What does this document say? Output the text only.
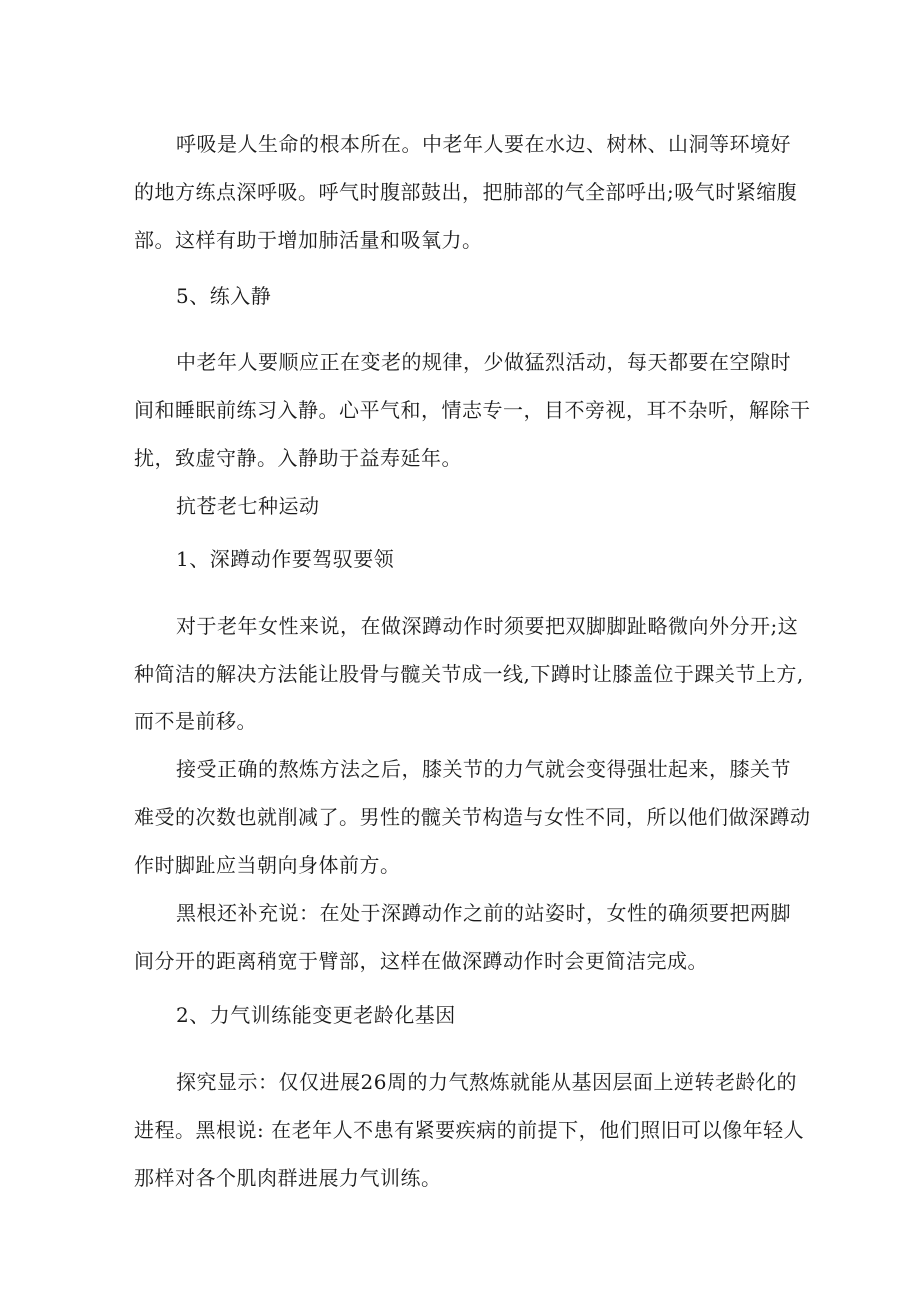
呼吸是人生命的根本所在。中老年人要在水边、树林、山洞等环境好
的地方练点深呼吸。呼气时腹部鼓出，把肺部的气全部呼出;吸气时紧缩腹
部。这样有助于增加肺活量和吸氧力。
5、练入静
中老年人要顺应正在变老的规律，少做猛烈活动，每天都要在空隙时
间和睡眠前练习入静。心平气和，情志专一，目不旁视，耳不杂听，解除干
扰，致虚守静。入静助于益寿延年。
抗苍老七种运动
1、深蹲动作要驾驭要领
对于老年女性来说，在做深蹲动作时须要把双脚脚趾略微向外分开;这
种简洁的解决方法能让股骨与髋关节成一线,下蹲时让膝盖位于踝关节上方,
而不是前移。
接受正确的熬炼方法之后，膝关节的力气就会变得强壮起来，膝关节
难受的次数也就削减了。男性的髋关节构造与女性不同，所以他们做深蹲动
作时脚趾应当朝向身体前方。
黑根还补充说：在处于深蹲动作之前的站姿时，女性的确须要把两脚
间分开的距离稍宽于臂部，这样在做深蹲动作时会更简洁完成。
2、力气训练能变更老龄化基因
探究显示：仅仅进展26周的力气熬炼就能从基因层面上逆转老龄化的
进程。黑根说: 在老年人不患有紧要疾病的前提下，他们照旧可以像年轻人
那样对各个肌肉群进展力气训练。
